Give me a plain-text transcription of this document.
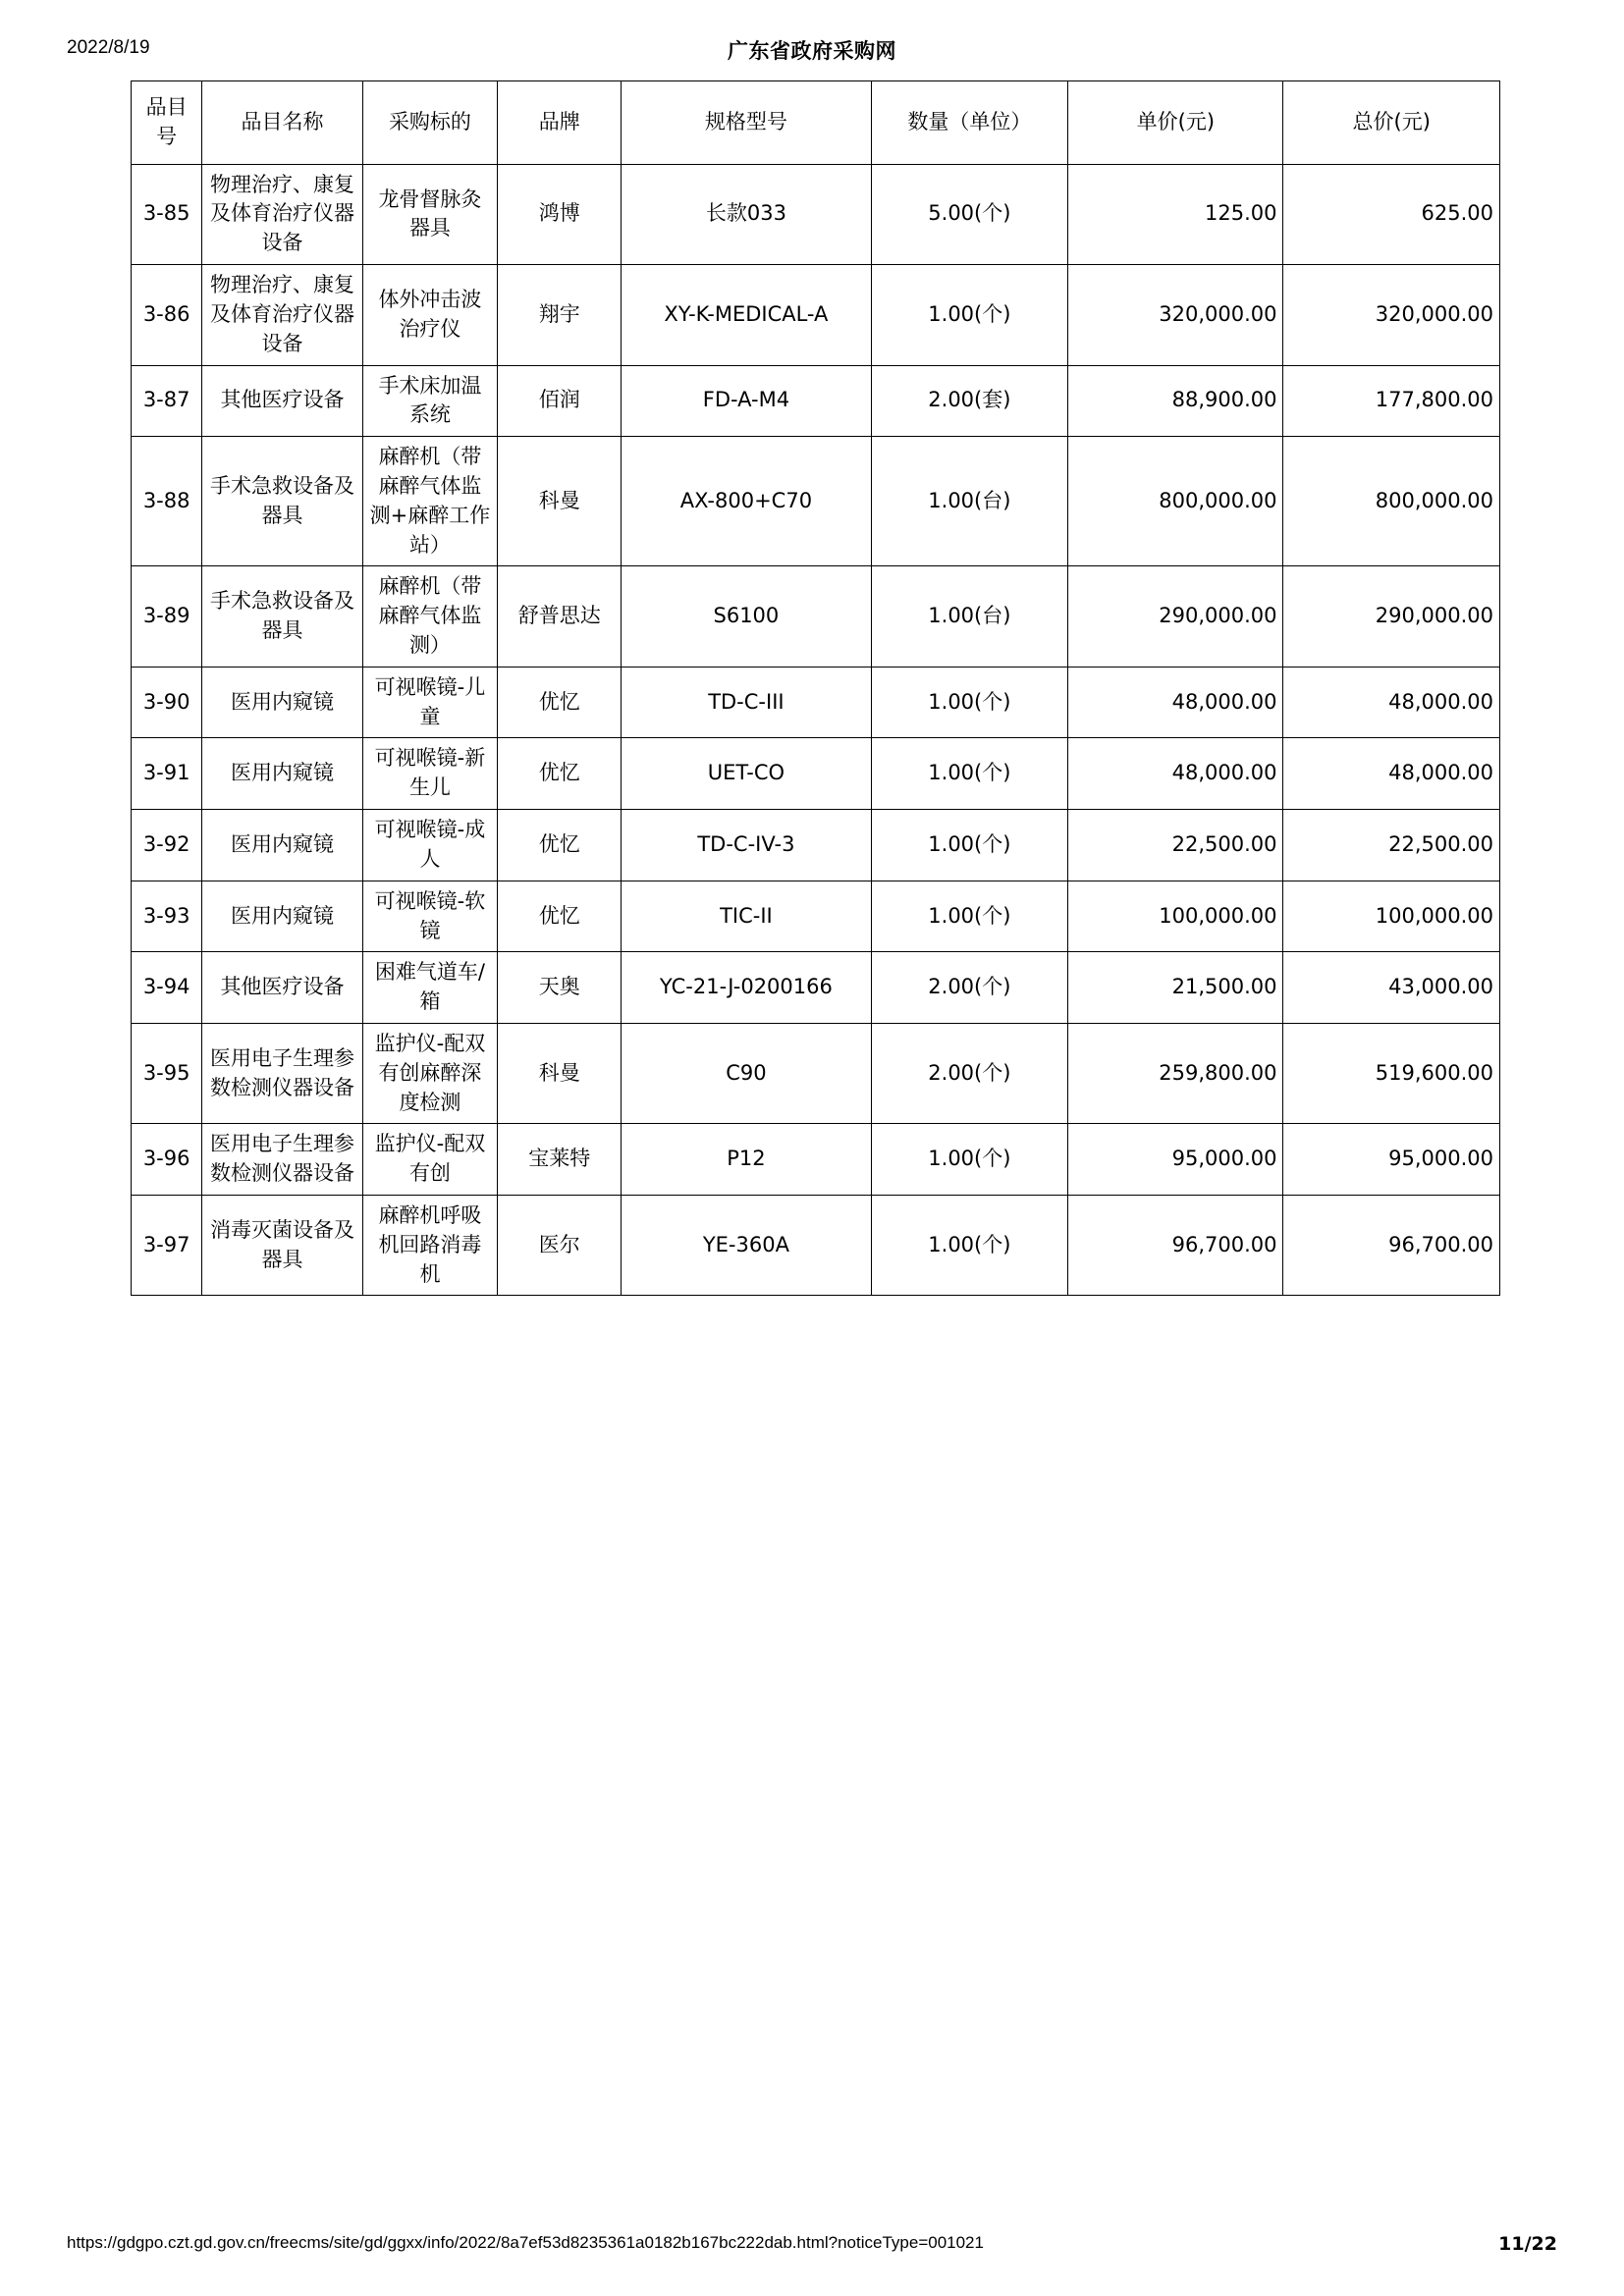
2022/8/19	广东省政府采购网
品目号	品目名称	采购标的	品牌	规格型号	数量（单位）	单价(元)	总价(元)
3-85	物理治疗、康复及体育治疗仪器设备	龙骨督脉灸器具	鸿博	长款033	5.00(个)	125.00	625.00
3-86	物理治疗、康复及体育治疗仪器设备	体外冲击波治疗仪	翔宇	XY-K-MEDICAL-A	1.00(个)	320,000.00	320,000.00
3-87	其他医疗设备	手术床加温系统	佰润	FD-A-M4	2.00(套)	88,900.00	177,800.00
3-88	手术急救设备及器具	麻醉机（带麻醉气体监测+麻醉工作站）	科曼	AX-800+C70	1.00(台)	800,000.00	800,000.00
3-89	手术急救设备及器具	麻醉机（带麻醉气体监测）	舒普思达	S6100	1.00(台)	290,000.00	290,000.00
3-90	医用内窥镜	可视喉镜-儿童	优忆	TD-C-III	1.00(个)	48,000.00	48,000.00
3-91	医用内窥镜	可视喉镜-新生儿	优忆	UET-CO	1.00(个)	48,000.00	48,000.00
3-92	医用内窥镜	可视喉镜-成人	优忆	TD-C-IV-3	1.00(个)	22,500.00	22,500.00
3-93	医用内窥镜	可视喉镜-软镜	优忆	TIC-II	1.00(个)	100,000.00	100,000.00
3-94	其他医疗设备	困难气道车/箱	天奥	YC-21-J-0200166	2.00(个)	21,500.00	43,000.00
3-95	医用电子生理参数检测仪器设备	监护仪-配双有创麻醉深度检测	科曼	C90	2.00(个)	259,800.00	519,600.00
3-96	医用电子生理参数检测仪器设备	监护仪-配双有创	宝莱特	P12	1.00(个)	95,000.00	95,000.00
3-97	消毒灭菌设备及器具	麻醉机呼吸机回路消毒机	医尔	YE-360A	1.00(个)	96,700.00	96,700.00
https://gdgpo.czt.gd.gov.cn/freecms/site/gd/ggxx/info/2022/8a7ef53d8235361a0182b167bc222dab.html?noticeType=001021	11/22
